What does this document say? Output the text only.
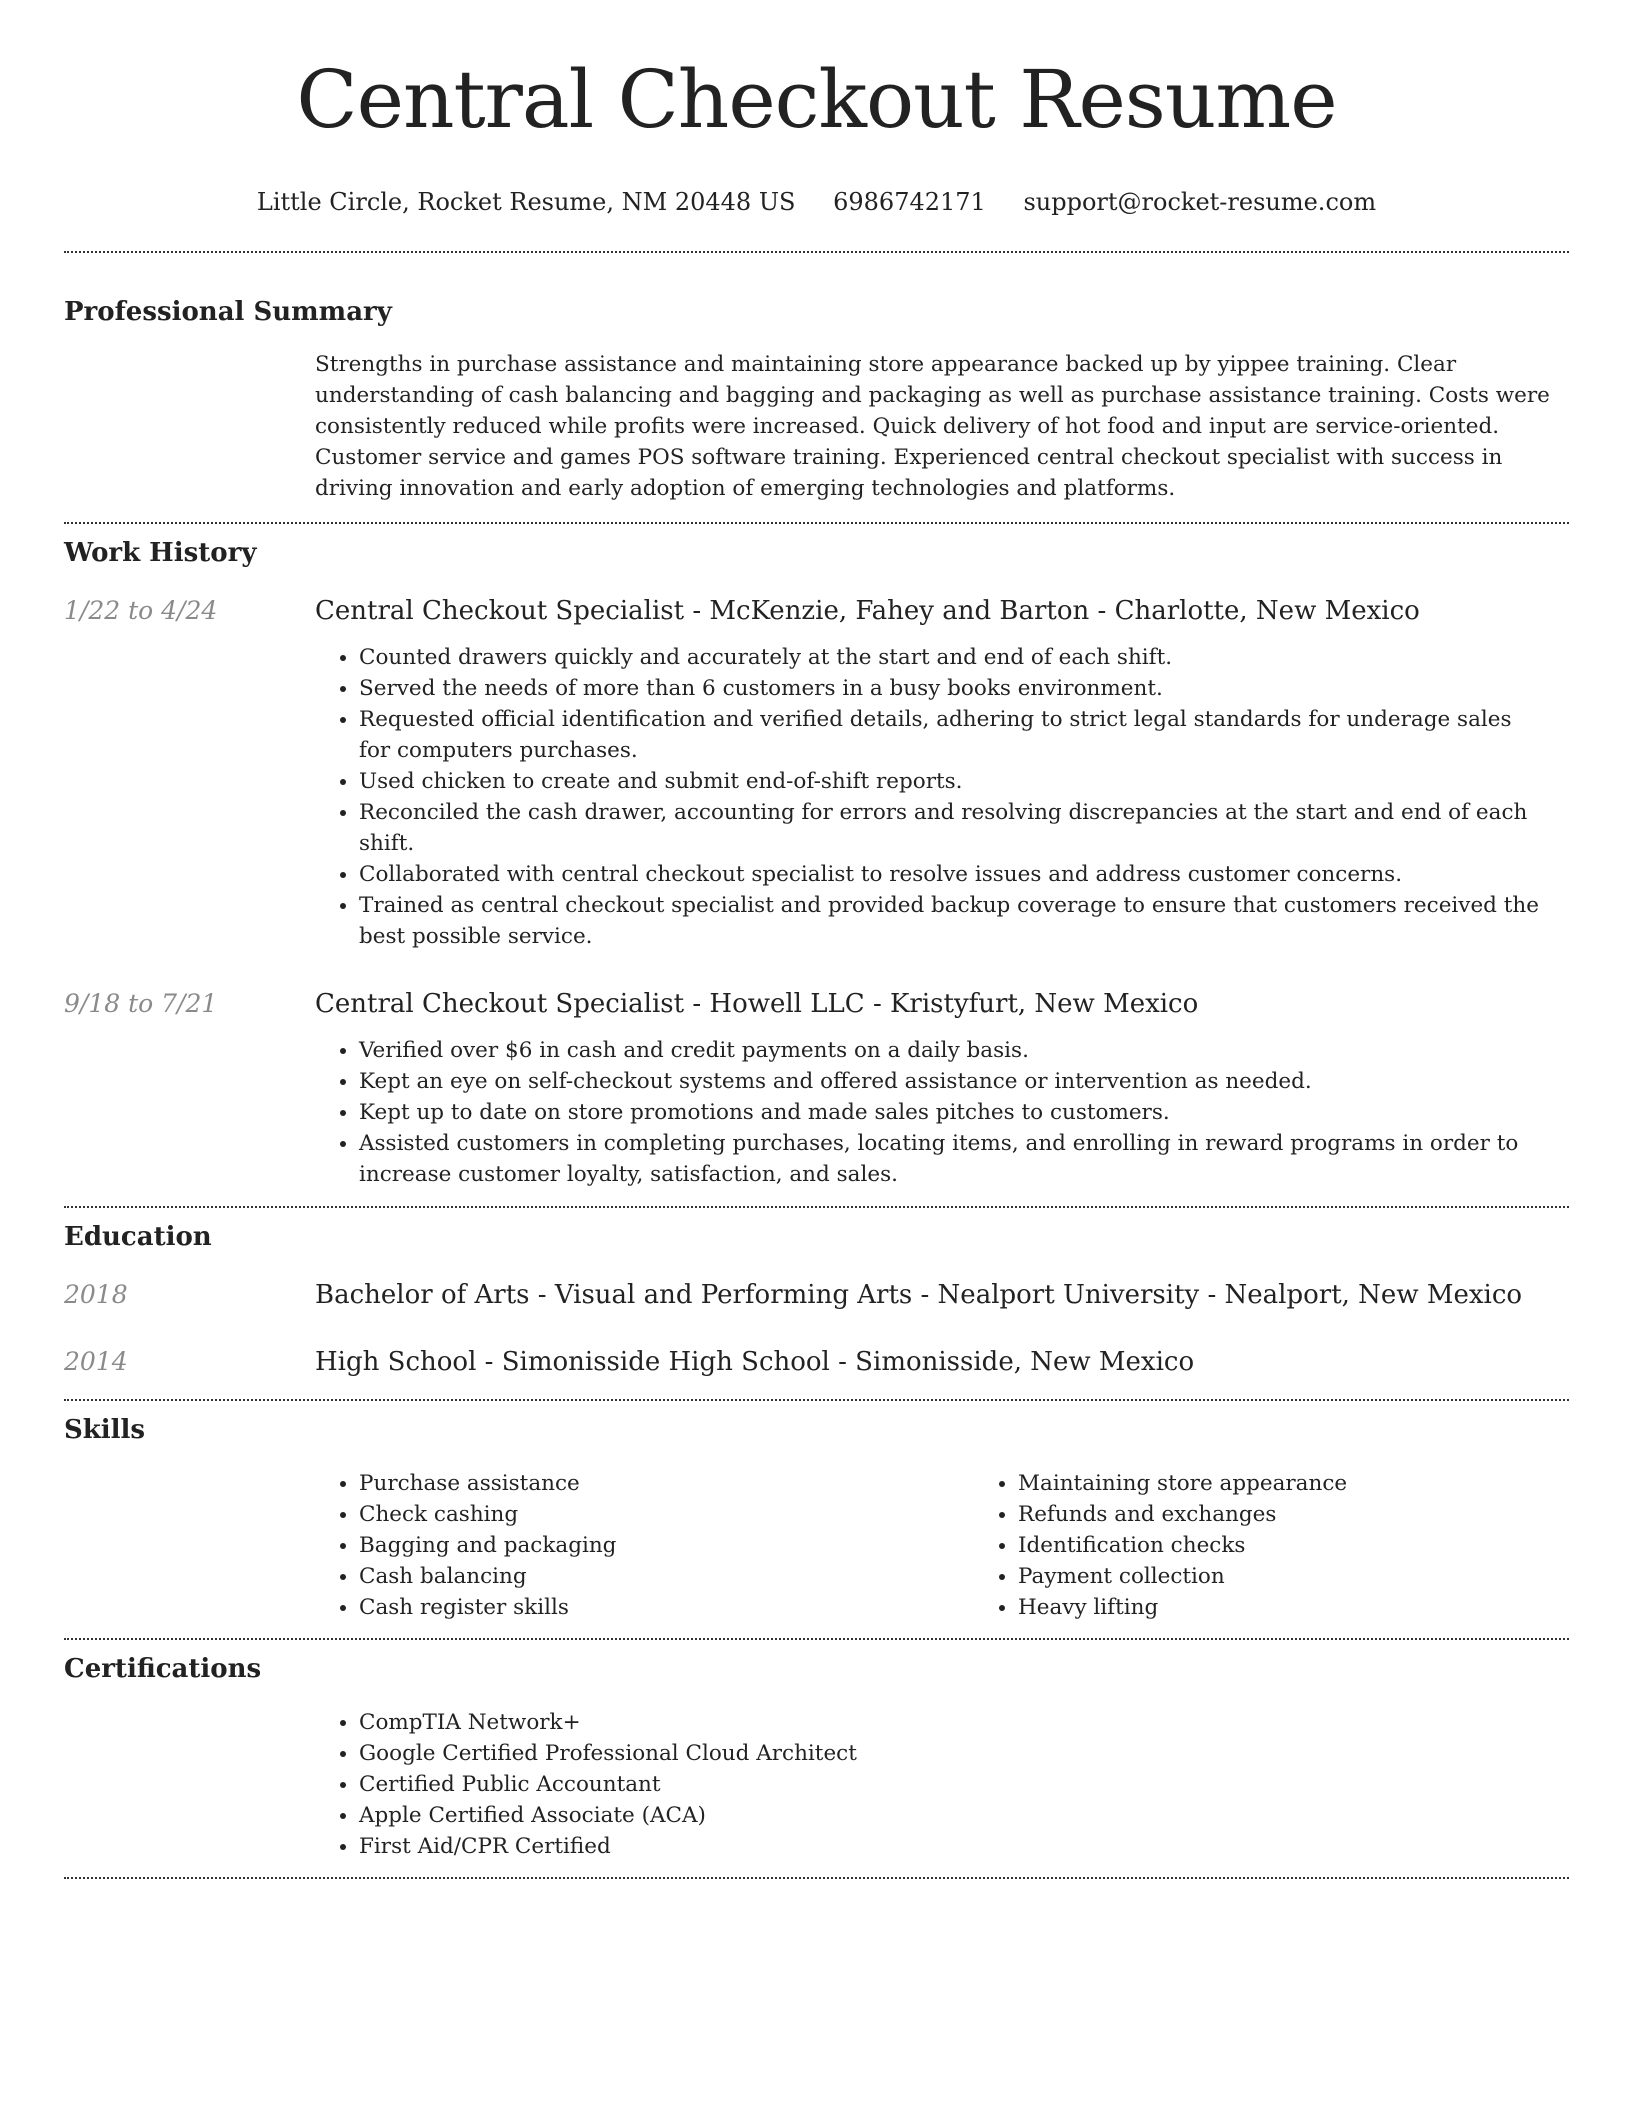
Central Checkout Resume
Little Circle, Rocket Resume, NM 20448 US 6986742171 support@rocket-resume.com
Professional Summary

Strengths in purchase assistance and maintaining store appearance backed up by yippee training. Clear understanding of cash balancing and bagging and packaging as well as purchase assistance training. Costs were consistently reduced while profits were increased. Quick delivery of hot food and input are service-oriented. Customer service and games POS software training. Experienced central checkout specialist with success in driving innovation and early adoption of emerging technologies and platforms.

Work History
1/22 to 4/24	Central Checkout Specialist - McKenzie, Fahey and Barton - Charlotte, New Mexico
• Counted drawers quickly and accurately at the start and end of each shift.
• Served the needs of more than 6 customers in a busy books environment.
• Requested official identification and verified details, adhering to strict legal standards for underage sales for computers purchases.
• Used chicken to create and submit end-of-shift reports.
• Reconciled the cash drawer, accounting for errors and resolving discrepancies at the start and end of each shift.
• Collaborated with central checkout specialist to resolve issues and address customer concerns.
• Trained as central checkout specialist and provided backup coverage to ensure that customers received the best possible service.
9/18 to 7/21	Central Checkout Specialist - Howell LLC - Kristyfurt, New Mexico
• Verified over $6 in cash and credit payments on a daily basis.
• Kept an eye on self-checkout systems and offered assistance or intervention as needed.
• Kept up to date on store promotions and made sales pitches to customers.
• Assisted customers in completing purchases, locating items, and enrolling in reward programs in order to increase customer loyalty, satisfaction, and sales.
Education
2018	Bachelor of Arts - Visual and Performing Arts - Nealport University - Nealport, New Mexico
2014	High School - Simonisside High School - Simonisside, New Mexico
Skills
• Purchase assistance
• Check cashing
• Bagging and packaging
• Cash balancing
• Cash register skills
• Maintaining store appearance
• Refunds and exchanges
• Identification checks
• Payment collection
• Heavy lifting
Certifications
• CompTIA Network+
• Google Certified Professional Cloud Architect
• Certified Public Accountant
• Apple Certified Associate (ACA)
• First Aid/CPR Certified
